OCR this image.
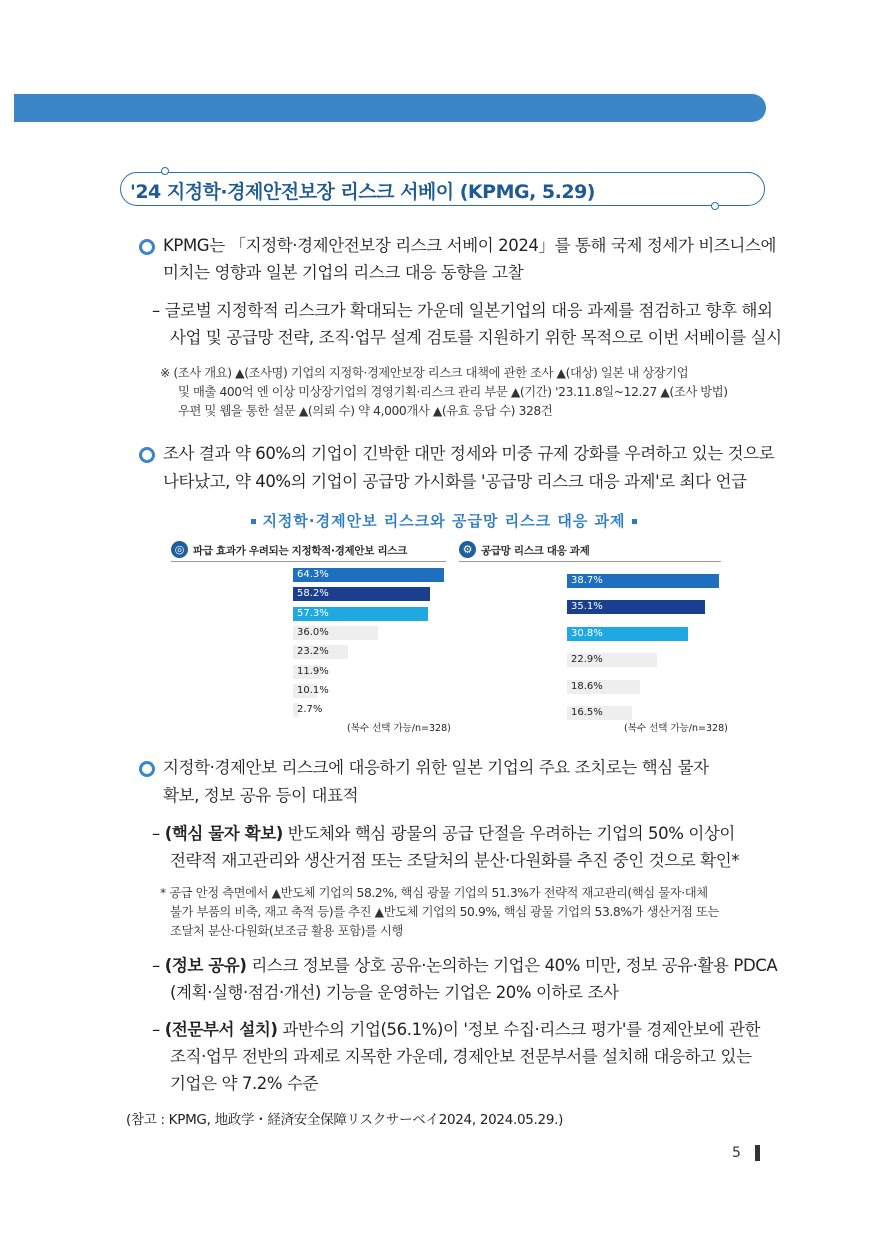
산업·기술 동향
'24 지정학·경제안전보장 리스크 서베이 (KPMG, 5.29)
KPMG는 「지정학·경제안전보장 리스크 서베이 2024」를 통해 국제 정세가 비즈니스에
미치는 영향과 일본 기업의 리스크 대응 동향을 고찰
– 글로벌 지정학적 리스크가 확대되는 가운데 일본기업의 대응 과제를 점검하고 향후 해외
사업 및 공급망 전략, 조직·업무 설계 검토를 지원하기 위한 목적으로 이번 서베이를 실시
※ (조사 개요) ▲(조사명) 기업의 지정학·경제안보장 리스크 대책에 관한 조사 ▲(대상) 일본 내 상장기업
및 매출 400억 엔 이상 미상장기업의 경영기획·리스크 관리 부문 ▲(기간) '23.11.8일~12.27 ▲(조사 방법)
우편 및 웹을 통한 설문 ▲(의뢰 수) 약 4,000개사 ▲(유효 응답 수) 328건
조사 결과 약 60%의 기업이 긴박한 대만 정세와 미중 규제 강화를 우려하고 있는 것으로
나타났고, 약 40%의 기업이 공급망 가시화를 '공급망 리스크 대응 과제'로 최다 언급
지정학·경제안보 리스크와 공급망 리스크 대응 과제
◎ 파급 효과가 우려되는 지정학적·경제안보 리스크	⚙ 공급망 리스크 대응 과제
64.3%
58.2%
57.3%
36.0%
23.2%
11.9%
10.1%
2.7%
38.7%
35.1%
30.8%
22.9%
18.6%
16.5%
(복수 선택 가능/n=328)	(복수 선택 가능/n=328)
지정학·경제안보 리스크에 대응하기 위한 일본 기업의 주요 조치로는 핵심 물자
확보, 정보 공유 등이 대표적
– (핵심 물자 확보) 반도체와 핵심 광물의 공급 단절을 우려하는 기업의 50% 이상이
전략적 재고관리와 생산거점 또는 조달처의 분산·다원화를 추진 중인 것으로 확인*
* 공급 안정 측면에서 ▲반도체 기업의 58.2%, 핵심 광물 기업의 51.3%가 전략적 재고관리(핵심 물자·대체
불가 부품의 비축, 재고 축적 등)를 추진 ▲반도체 기업의 50.9%, 핵심 광물 기업의 53.8%가 생산거점 또는
조달처 분산·다원화(보조금 활용 포함)를 시행
– (정보 공유) 리스크 정보를 상호 공유·논의하는 기업은 40% 미만, 정보 공유·활용 PDCA
(계획·실행·점검·개선) 기능을 운영하는 기업은 20% 이하로 조사
– (전문부서 설치) 과반수의 기업(56.1%)이 '정보 수집·리스크 평가'를 경제안보에 관한
조직·업무 전반의 과제로 지목한 가운데, 경제안보 전문부서를 설치해 대응하고 있는
기업은 약 7.2% 수준
(참고 : KPMG, 地政学・経済安全保障リスクサーベイ2024, 2024.05.29.)
5
